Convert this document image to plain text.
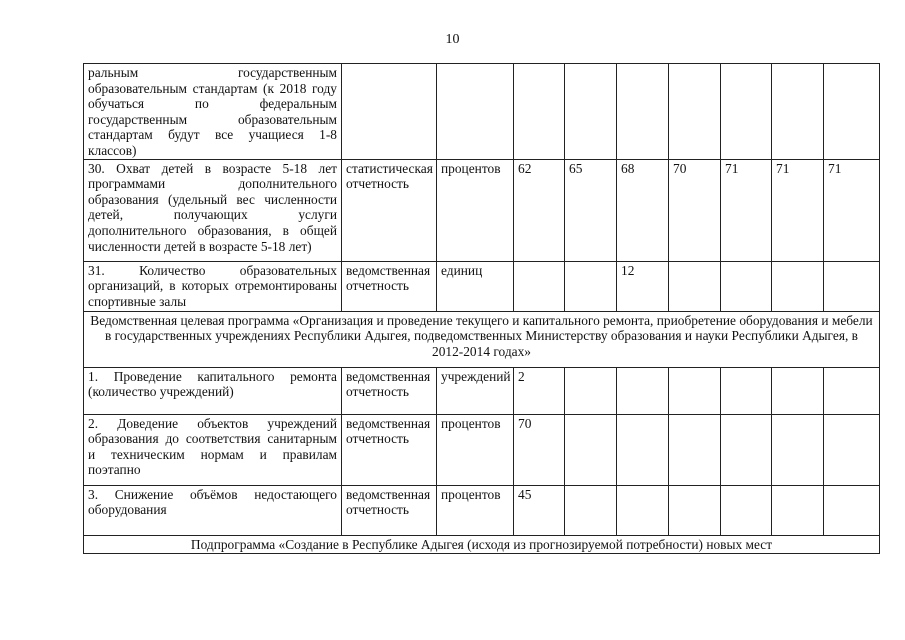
10
ральным государственным образовательным стандартам (к 2018 году обучаться по федеральным государственным образовательным стандартам будут все учащиеся 1-8 классов)									
30. Охват детей в возрасте 5-18 лет программами дополнительного образования (удельный вес численности детей, получающих услуги дополнительного образования, в общей численности детей в возрасте 5-18 лет)	статистическая отчетность	процентов	62	65	68	70	71	71	71
31. Количество образовательных организаций, в которых отремонтированы спортивные залы	ведомственная отчетность	единиц			12				
Ведомственная целевая программа «Организация и проведение текущего и капитального ремонта, приобретение оборудования и мебели в государственных учреждениях Республики Адыгея, подведомственных Министерству образования и науки Республики Адыгея, в 2012-2014 годах»									
1. Проведение капитального ремонта (количество учреждений)	ведомственная отчетность	учреждений	2						
2. Доведение объектов учреждений образования до соответствия санитарным и техническим нормам и правилам поэтапно	ведомственная отчетность	процентов	70						
3. Снижение объёмов недостающего оборудования	ведомственная отчетность	процентов	45						
Подпрограмма «Создание в Республике Адыгея (исходя из прогнозируемой потребности) новых мест									
